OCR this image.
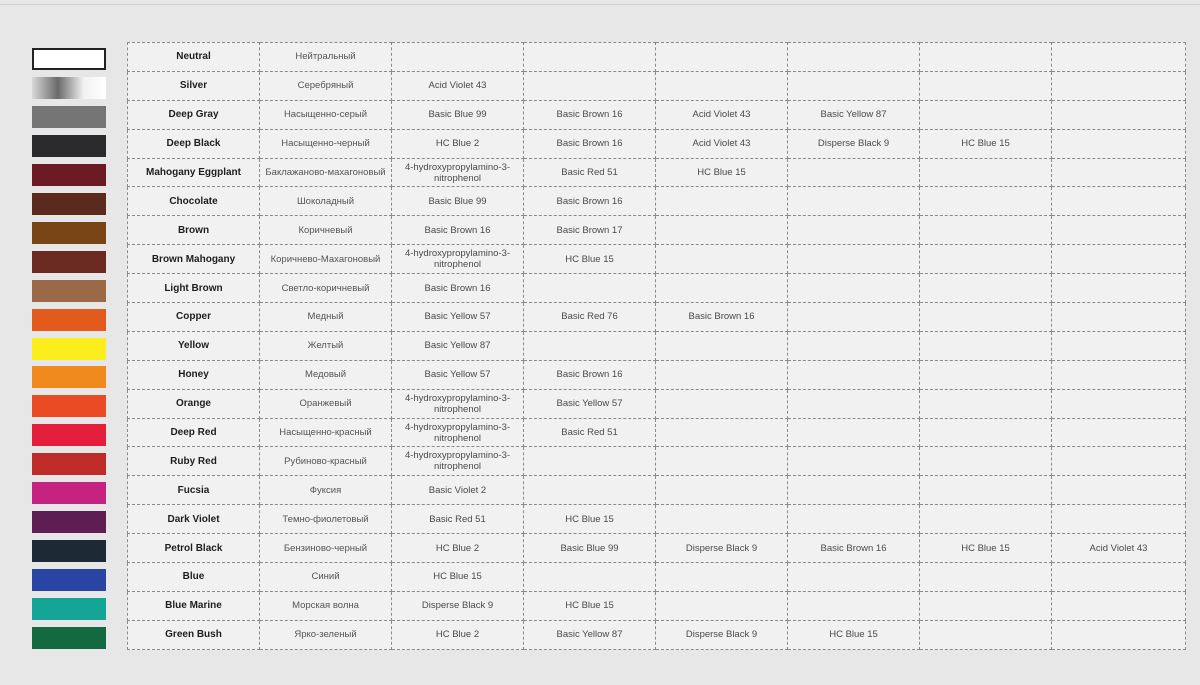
Neutral	Нейтральный						
Silver	Серебряный	Acid Violet 43					
Deep Gray	Насыщенно-серый	Basic Blue 99	Basic Brown 16	Acid Violet 43	Basic Yellow 87		
Deep Black	Насыщенно-черный	HC Blue 2	Basic Brown 16	Acid Violet 43	Disperse Black 9	HC Blue 15	
Mahogany Eggplant	Баклажаново-махагоновый	4-hydroxypropylamino-3-nitrophenol	Basic Red 51	HC Blue 15			
Chocolate	Шоколадный	Basic Blue 99	Basic Brown 16				
Brown	Коричневый	Basic Brown 16	Basic Brown 17				
Brown Mahogany	Коричнево-Махагоновый	4-hydroxypropylamino-3-nitrophenol	HC Blue 15				
Light Brown	Светло-коричневый	Basic Brown 16					
Copper	Медный	Basic Yellow 57	Basic Red 76	Basic Brown 16			
Yellow	Желтый	Basic Yellow 87					
Honey	Медовый	Basic Yellow 57	Basic Brown 16				
Orange	Оранжевый	4-hydroxypropylamino-3-nitrophenol	Basic Yellow 57				
Deep Red	Насыщенно-красный	4-hydroxypropylamino-3-nitrophenol	Basic Red 51				
Ruby Red	Рубиново-красный	4-hydroxypropylamino-3-nitrophenol					
Fucsia	Фуксия	Basic Violet 2					
Dark Violet	Темно-фиолетовый	Basic Red 51	HC Blue 15				
Petrol Black	Бензиново-черный	HC Blue 2	Basic Blue 99	Disperse Black 9	Basic Brown 16	HC Blue 15	Acid Violet 43
Blue	Синий	HC Blue 15					
Blue Marine	Морская волна	Disperse Black 9	HC Blue 15				
Green Bush	Ярко-зеленый	HC Blue 2	Basic Yellow 87	Disperse Black 9	HC Blue 15		
